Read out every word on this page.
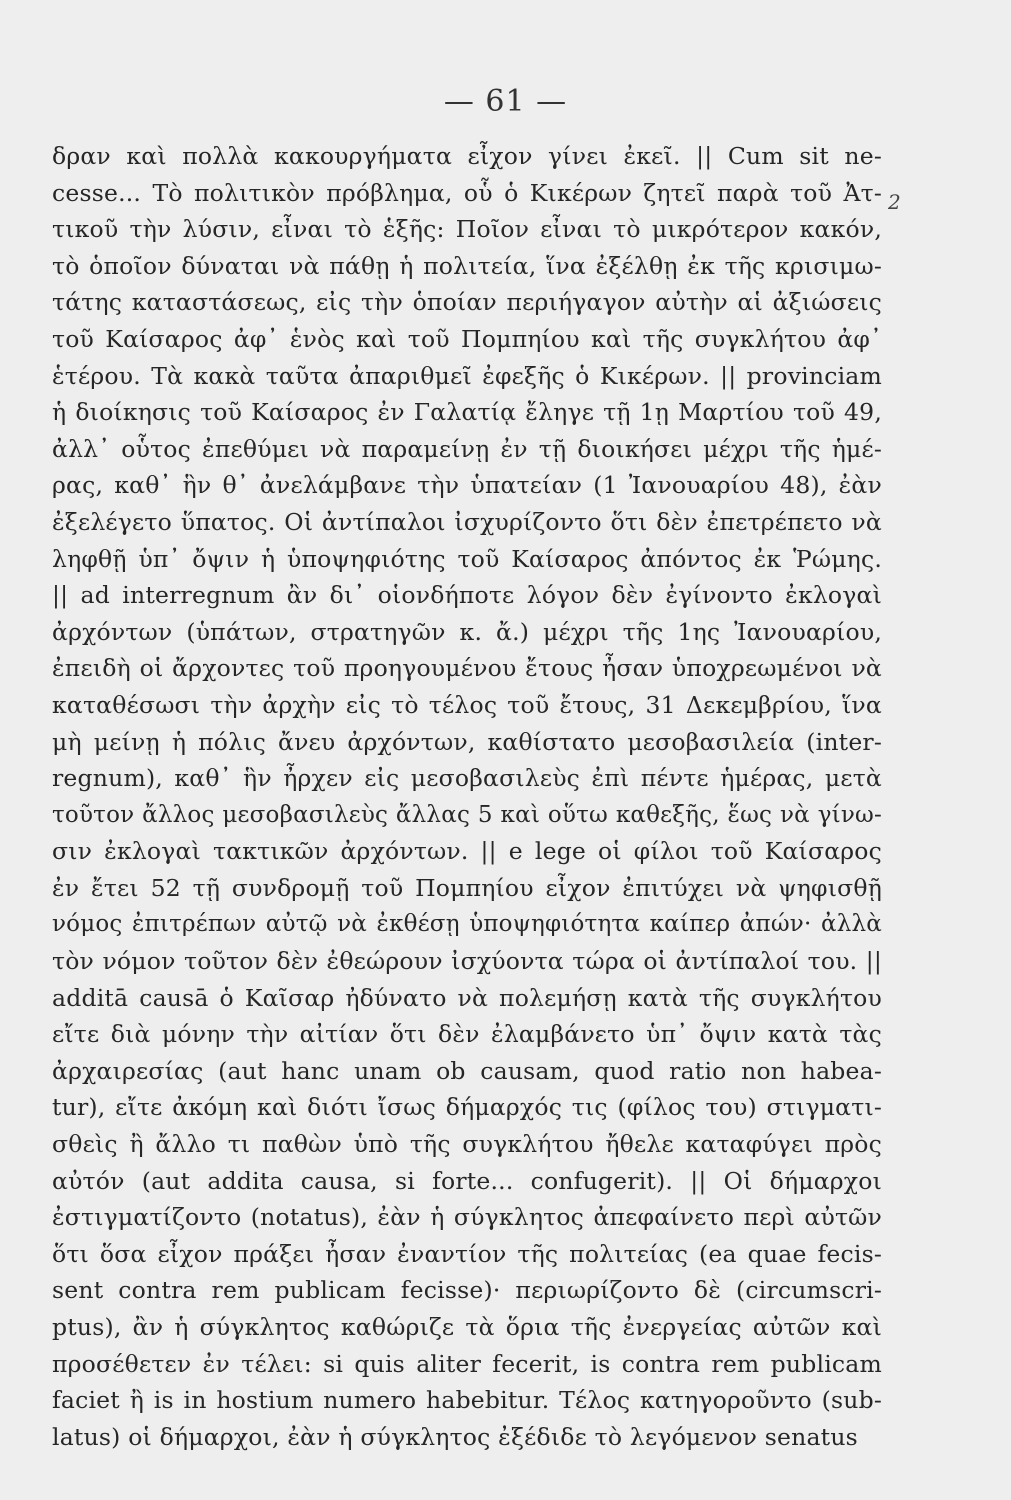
— 61 —
2
δραν καὶ πολλὰ κακουργήματα εἶχον γίνει ἐκεῖ. || Cum sit ne-
cesse... Τὸ πολιτικὸν πρόβλημα, οὗ ὁ Κικέρων ζητεῖ παρὰ τοῦ Ἀτ-
τικοῦ τὴν λύσιν, εἶναι τὸ ἑξῆς: Ποῖον εἶναι τὸ μικρότερον κακόν,
τὸ ὁποῖον δύναται νὰ πάθῃ ἡ πολιτεία, ἵνα ἐξέλθῃ ἐκ τῆς κρισιμω-
τάτης καταστάσεως, εἰς τὴν ὁποίαν περιήγαγον αὐτὴν αἱ ἀξιώσεις
τοῦ Καίσαρος ἀφ᾽ ἑνὸς καὶ τοῦ Πομπηίου καὶ τῆς συγκλήτου ἀφ᾽
ἑτέρου. Τὰ κακὰ ταῦτα ἀπαριθμεῖ ἐφεξῆς ὁ Κικέρων. || provinciam
ἡ διοίκησις τοῦ Καίσαρος ἐν Γαλατίᾳ ἔληγε τῇ 1ῃ Μαρτίου τοῦ 49,
ἀλλ᾽ οὗτος ἐπεθύμει νὰ παραμείνῃ ἐν τῇ διοικήσει μέχρι τῆς ἡμέ-
ρας, καθ᾽ ἣν θ᾽ ἀνελάμβανε τὴν ὑπατείαν (1 Ἰανουαρίου 48), ἐὰν
ἐξελέγετο ὕπατος. Οἱ ἀντίπαλοι ἰσχυρίζοντο ὅτι δὲν ἐπετρέπετο νὰ
ληφθῇ ὑπ᾽ ὄψιν ἡ ὑποψηφιότης τοῦ Καίσαρος ἀπόντος ἐκ Ῥώμης.
|| ad interregnum ἂν δι᾽ οἱονδήποτε λόγον δὲν ἐγίνοντο ἐκλογαὶ
ἀρχόντων (ὑπάτων, στρατηγῶν κ. ἄ.) μέχρι τῆς 1ης Ἰανουαρίου,
ἐπειδὴ οἱ ἄρχοντες τοῦ προηγουμένου ἔτους ἦσαν ὑποχρεωμένοι νὰ
καταθέσωσι τὴν ἀρχὴν εἰς τὸ τέλος τοῦ ἔτους, 31 Δεκεμβρίου, ἵνα
μὴ μείνῃ ἡ πόλις ἄνευ ἀρχόντων, καθίστατο μεσοβασιλεία (inter-
regnum), καθ᾽ ἣν ἦρχεν εἰς μεσοβασιλεὺς ἐπὶ πέντε ἡμέρας, μετὰ
τοῦτον ἄλλος μεσοβασιλεὺς ἄλλας 5 καὶ οὕτω καθεξῆς, ἕως νὰ γίνω-
σιν ἐκλογαὶ τακτικῶν ἀρχόντων. || e lege οἱ φίλοι τοῦ Καίσαρος
ἐν ἔτει 52 τῇ συνδρομῇ τοῦ Πομπηίου εἶχον ἐπιτύχει νὰ ψηφισθῇ
νόμος ἐπιτρέπων αὐτῷ νὰ ἐκθέσῃ ὑποψηφιότητα καίπερ ἀπών· ἀλλὰ
τὸν νόμον τοῦτον δὲν ἐθεώρουν ἰσχύοντα τώρα οἱ ἀντίπαλοί του. ||
additā causā ὁ Καῖσαρ ἠδύνατο νὰ πολεμήσῃ κατὰ τῆς συγκλήτου
εἴτε διὰ μόνην τὴν αἰτίαν ὅτι δὲν ἐλαμβάνετο ὑπ᾽ ὄψιν κατὰ τὰς
ἀρχαιρεσίας (aut hanc unam ob causam, quod ratio non habea-
tur), εἴτε ἀκόμη καὶ διότι ἴσως δήμαρχός τις (φίλος του) στιγματι-
σθεὶς ἢ ἄλλο τι παθὼν ὑπὸ τῆς συγκλήτου ἤθελε καταφύγει πρὸς
αὐτόν (aut addita causa, si forte... confugerit). || Οἱ δήμαρχοι
ἐστιγματίζοντο (notatus), ἐὰν ἡ σύγκλητος ἀπεφαίνετο περὶ αὐτῶν
ὅτι ὅσα εἶχον πράξει ἦσαν ἐναντίον τῆς πολιτείας (ea quae fecis-
sent contra rem publicam fecisse)· περιωρίζοντο δὲ (circumscri-
ptus), ἂν ἡ σύγκλητος καθώριζε τὰ ὅρια τῆς ἐνεργείας αὐτῶν καὶ
προσέθετεν ἐν τέλει: si quis aliter fecerit, is contra rem publicam
faciet ἢ is in hostium numero habebitur. Τέλος κατηγοροῦντο (sub-
latus) οἱ δήμαρχοι, ἐὰν ἡ σύγκλητος ἐξέδιδε τὸ λεγόμενον senatus
